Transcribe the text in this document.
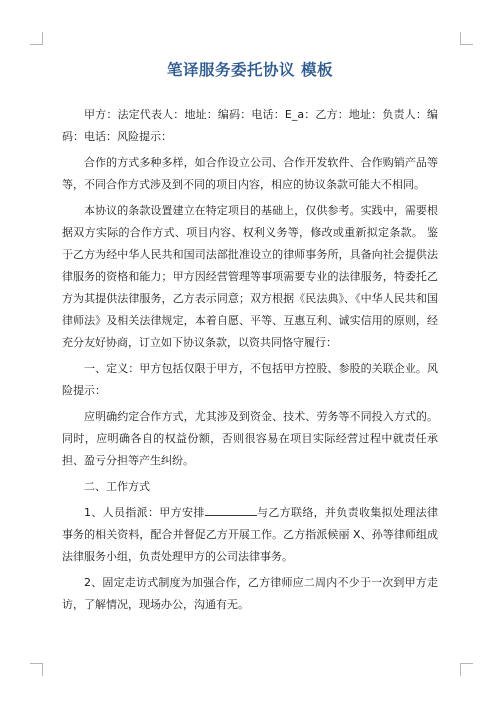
笔译服务委托协议 模板

甲方：法定代表人：地址：编码：电话：E_a：乙方：地址：负责人：编码：电话：风险提示：

合作的方式多种多样，如合作设立公司、合作开发软件、合作购销产品等等，不同合作方式涉及到不同的项目内容，相应的协议条款可能大不相同。

本协议的条款设置建立在特定项目的基础上，仅供参考。实践中，需要根据双方实际的合作方式、项目内容、权利义务等，修改或重新拟定条款。 鉴于乙方为经中华人民共和国司法部批准设立的律师事务所，具备向社会提供法律服务的资格和能力；甲方因经营管理等事项需要专业的法律服务，特委托乙方为其提供法律服务，乙方表示同意；双方根据《民法典》、《中华人民共和国律师法》及相关法律规定，本着自愿、平等、互惠互利、诚实信用的原则，经充分友好协商，订立如下协议条款，以资共同恪守履行：

一、定义：甲方包括仅限于甲方，不包括甲方控股、参股的关联企业。风险提示：

应明确约定合作方式，尤其涉及到资金、技术、劳务等不同投入方式的。同时，应明确各自的权益份额，否则很容易在项目实际经营过程中就责任承担、盈亏分担等产生纠纷。

二、工作方式

1、人员指派：甲方安排	与乙方联络，并负责收集拟处理法律事务的相关资料，配合并督促乙方开展工作。乙方指派候丽 X、孙等律师组成法律服务小组，负责处理甲方的公司法律事务。

2、固定走访式制度为加强合作，乙方律师应二周内不少于一次到甲方走访，了解情况，现场办公，沟通有无。
